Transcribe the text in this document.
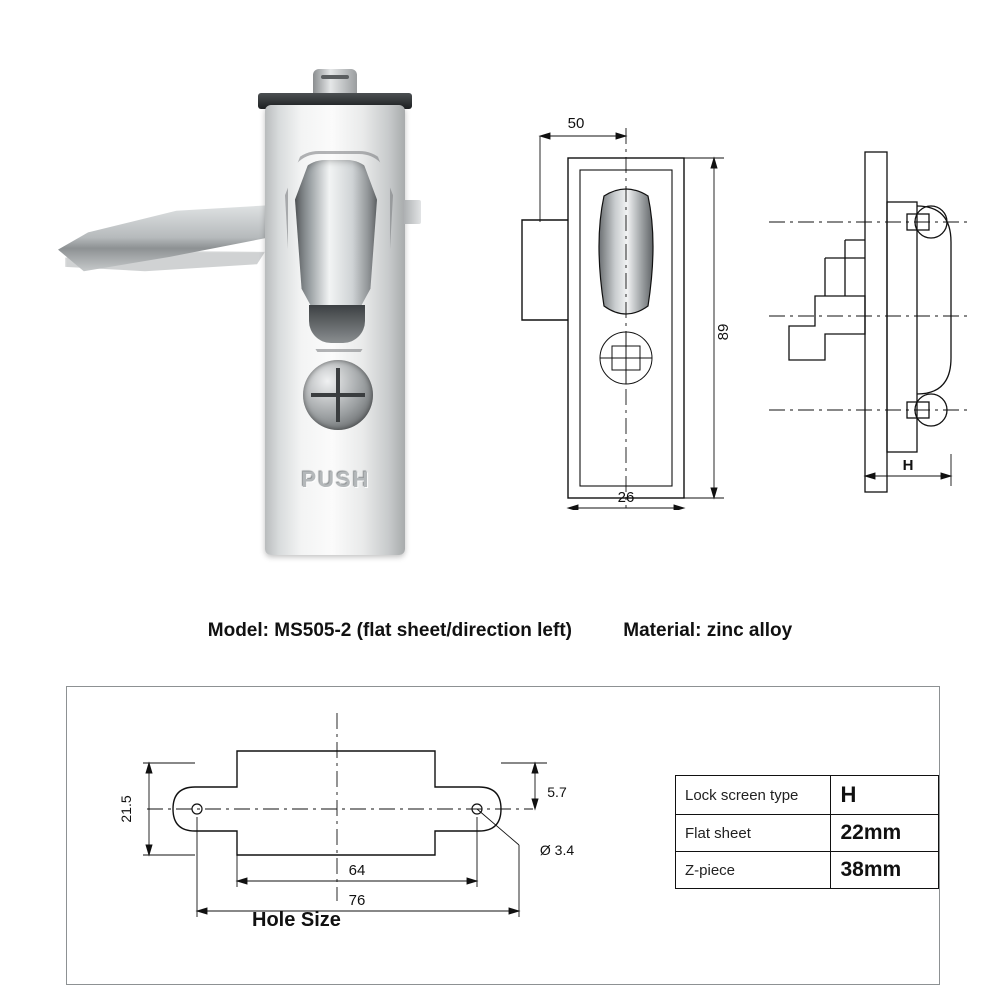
PUSH
50
89
26
H
Model: MS505-2 (flat sheet/direction left)	Material: zinc alloy
21.5
5.7
Ø 3.4
64
76
Hole Size
Lock screen type	H
Flat sheet	22mm
Z-piece	38mm
